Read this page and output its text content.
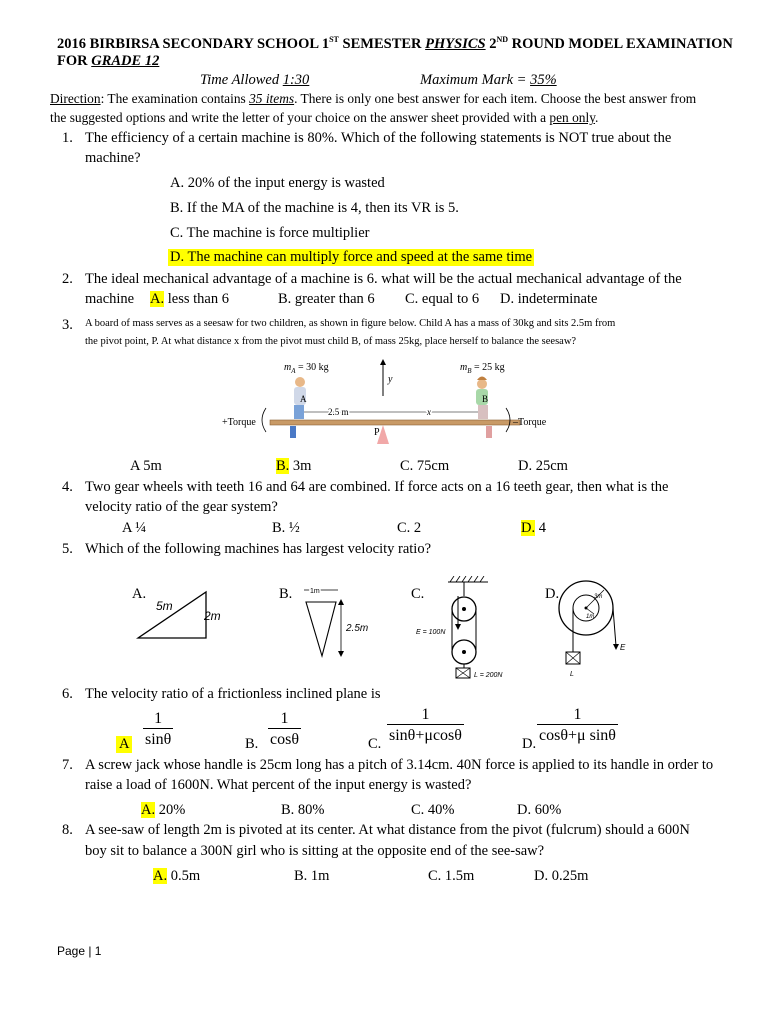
2016 BIRBIRSA SECONDARY SCHOOL 1ST SEMESTER PHYSICS 2ND ROUND MODEL EXAMINATION
FOR GRADE 12
Time Allowed 1:30	Maximum Mark = 35%
Direction: The examination contains 35 items. There is only one best answer for each item. Choose the best answer from
the suggested options and write the letter of your choice on the answer sheet provided with a pen only.
1. The efficiency of a certain machine is 80%. Which of the following statements is NOT true about the
machine?
A. 20% of the input energy is wasted
B. If the MA of the machine is 4, then its VR is 5.
C. The machine is force multiplier
D. The machine can multiply force and speed at the same time
2. The ideal mechanical advantage of a machine is 6. what will be the actual mechanical advantage of the
machine A. less than 6	B. greater than 6 C. equal to 6 D. indeterminate
3. A board of mass serves as a seesaw for two children, as shown in figure below. Child A has a mass of 30kg and sits 2.5m from
the pivot point, P. At what distance x from the pivot must child B, of mass 25kg, place herself to balance the seesaw?
$m_A = 30$ kg	$m_B = 25$ kg
y
P
A	B
2.5 m	x
+Torque	–Torque
A 5m	B. 3m	C. 75cm	D. 25cm
4. Two gear wheels with teeth 16 and 64 are combined. If force acts on a 16 teeth gear, then what is the
velocity ratio of the gear system?
A ¼	B. ½	C. 2	D. 4
5. Which of the following machines has largest velocity ratio?
A.
5m
2m
B.	1m
2.5m
C.
E = 100N
L = 200N
D.	3m
1m
E
L
6. The velocity ratio of a frictionless inclined plane is
A $\frac{1}{\sin\theta}$	B. $\frac{1}{\cos\theta}$	C. $\frac{1}{\sin\theta+\mu\cos\theta}$	D. $\frac{1}{\text{cosθ+μ sinθ}}$
7. A screw jack whose handle is 25cm long has a pitch of 3.14cm. 40N force is applied to its handle in order to
raise a load of 1600N. What percent of the input energy is wasted?
A. 20%	B. 80%	C. 40%	D. 60%
8. A see-saw of length 2m is pivoted at its center. At what distance from the pivot (fulcrum) should a 600N
boy sit to balance a 300N girl who is sitting at the opposite end of the see-saw?
A. 0.5m	B. 1m	C. 1.5m	D. 0.25m
Page | 1
